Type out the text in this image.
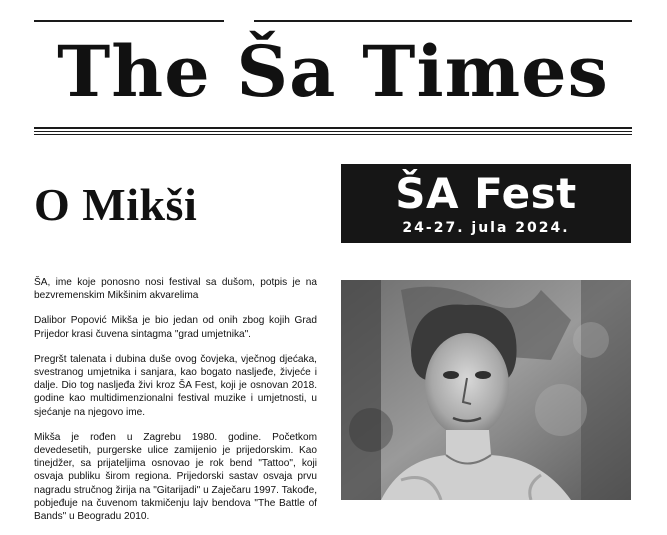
The Ša Times
O Mikši	ŠA Fest
24-27. jula 2024.

ŠA, ime koje ponosno nosi festival sa dušom, potpis je na bezvremenskim Mikšinim akvarelima

Dalibor Popović Mikša je bio jedan od onih zbog kojih Grad Prijedor krasi čuvena sintagma "grad umjetnika".

Pregršt talenata i dubina duše ovog čovjeka, vječnog djećaka, svestranog umjetnika i sanjara, kao bogato nasljeđe, živjeće i dalje. Dio tog nasljeđa živi kroz ŠA Fest, koji je osnovan 2018. godine kao multidimenzionalni festival muzike i umjetnosti, u sjećanje na njegovo ime.

Mikša je rođen u Zagrebu 1980. godine. Početkom devedesetih, purgerske ulice zamijenio je prijedorskim. Kao tinejdžer, sa prijateljima osnovao je rok bend "Tattoo", koji osvaja publiku širom regiona. Prijedorski sastav osvaja prvu nagradu stručnog žirija na "Gitarijadi" u Zaječaru 1997. Takođe, pobjeđuje na čuvenom takmičenju lajv bendova "The Battle of Bands" u Beogradu 2010.
